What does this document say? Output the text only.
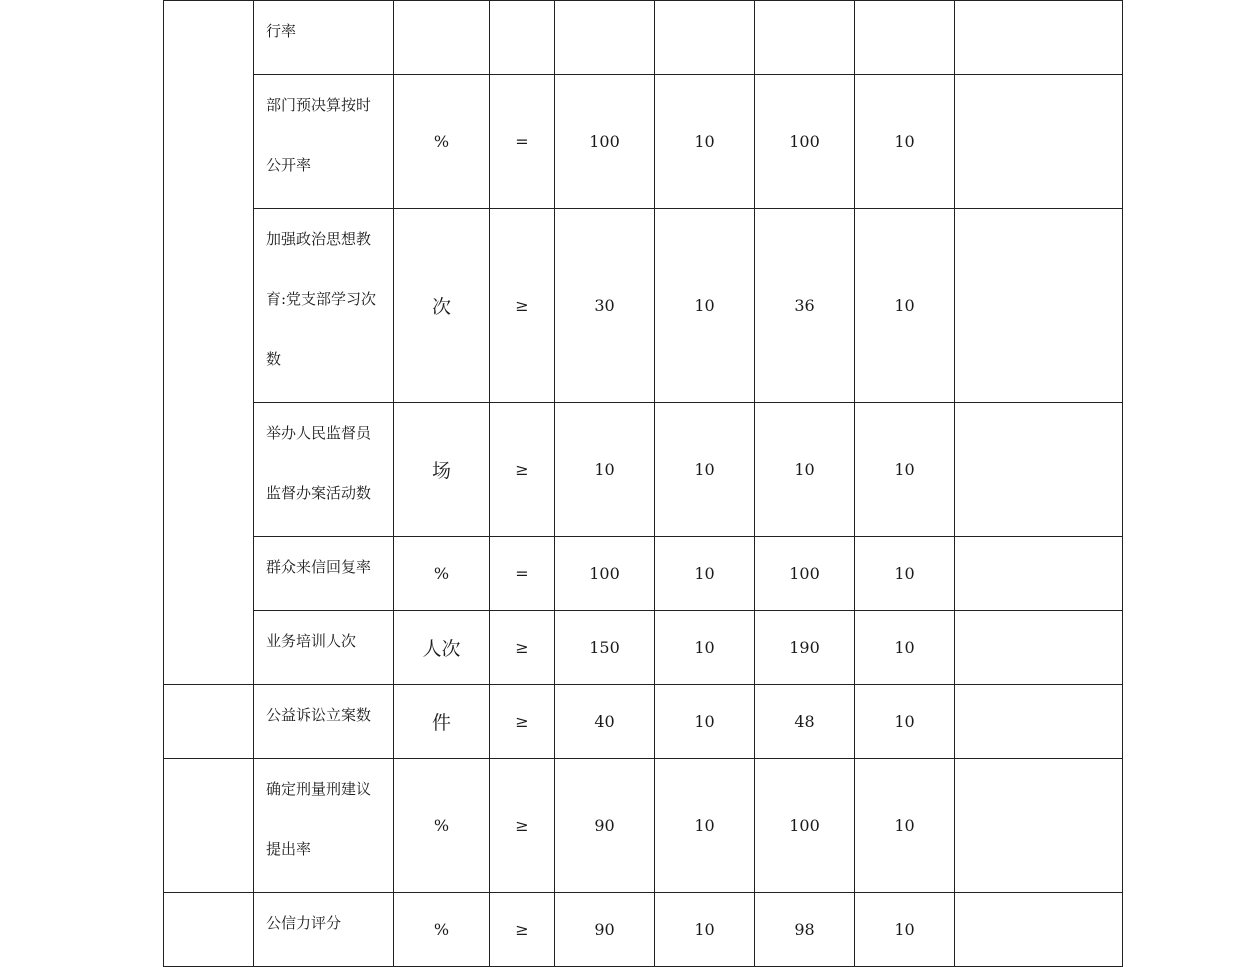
	行率							
	部门预决算按时公开率	%	=	100	10	100	10	
	加强政治思想教育:党支部学习次数	次	≥	30	10	36	10	
	举办人民监督员监督办案活动数	场	≥	10	10	10	10	
	群众来信回复率	%	=	100	10	100	10	
	业务培训人次	人次	≥	150	10	190	10	
	公益诉讼立案数	件	≥	40	10	48	10	
	确定刑量刑建议提出率	%	≥	90	10	100	10	
	公信力评分	%	≥	90	10	98	10	
